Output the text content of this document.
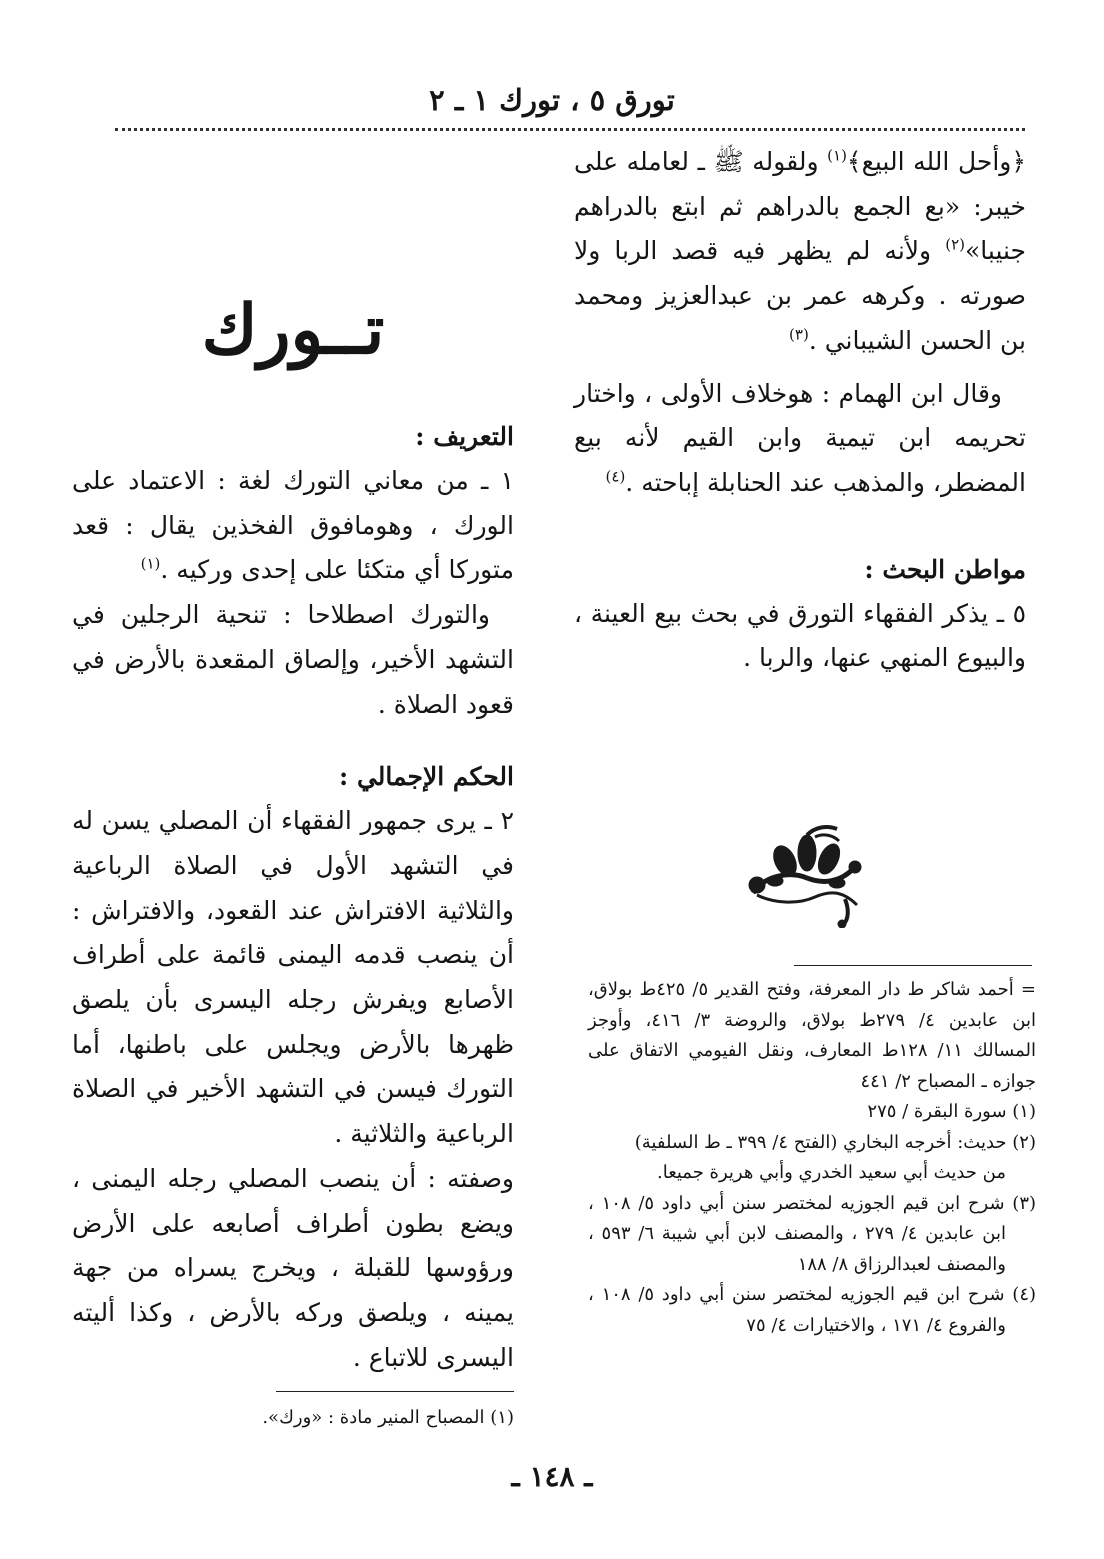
تورق ٥ ، تورك ١ ـ ٢

﴿وأحل الله البيع﴾$^{(١)}$ ولقوله ﷺ ـ لعامله على خيبر: «بع الجمع بالدراهم ثم ابتع بالدراهم جنيبا»$^{(٢)}$ ولأنه لم يظهر فيه قصد الربا ولا صورته . وكرهه عمر بن عبدالعزيز ومحمد بن الحسن الشيباني .$^{(٣)}$

وقال ابن الهمام : هوخلاف الأولى ، واختار تحريمه ابن تيمية وابن القيم لأنه بيع المضطر، والمذهب عند الحنابلة إباحته .$^{(٤)}$

مواطن البحث :

٥ ـ يذكر الفقهاء التورق في بحث بيع العينة ، والبيوع المنهي عنها، والربا .

= أحمد شاكر ط دار المعرفة، وفتح القدير ٥/ ٤٢٥ط بولاق، ابن عابدين ٤/ ٢٧٩ط بولاق، والروضة ٣/ ٤١٦، وأوجز المسالك ١١/ ١٢٨ط المعارف، ونقل الفيومي الاتفاق على جوازه ـ المصباح ٢/ ٤٤١

(١) سورة البقرة / ٢٧٥

(٢) حديث: أخرجه البخاري (الفتح ٤/ ٣٩٩ ـ ط السلفية)

من حديث أبي سعيد الخدري وأبي هريرة جميعا.

(٣) شرح ابن قيم الجوزيه لمختصر سنن أبي داود ٥/ ١٠٨ ، ابن عابدين ٤/ ٢٧٩ ، والمصنف لابن أبي شيبة ٦/ ٥٩٣ ، والمصنف لعبدالرزاق ٨/ ١٨٨

(٤) شرح ابن قيم الجوزيه لمختصر سنن أبي داود ٥/ ١٠٨ ، والفروع ٤/ ١٧١ ، والاختيارات ٤/ ٧٥

تــورك

التعريف :

١ ـ من معاني التورك لغة : الاعتماد على الورك ، وهومافوق الفخذين يقال : قعد متوركا أي متكئا على إحدى وركيه .$^{(١)}$

والتورك اصطلاحا : تنحية الرجلين في التشهد الأخير، وإلصاق المقعدة بالأرض في قعود الصلاة .

الحكم الإجمالي :

٢ ـ يرى جمهور الفقهاء أن المصلي يسن له في التشهد الأول في الصلاة الرباعية والثلاثية الافتراش عند القعود، والافتراش : أن ينصب قدمه اليمنى قائمة على أطراف الأصابع ويفرش رجله اليسرى بأن يلصق ظهرها بالأرض ويجلس على باطنها، أما التورك فيسن في التشهد الأخير في الصلاة الرباعية والثلاثية .

وصفته : أن ينصب المصلي رجله اليمنى ، ويضع بطون أطراف أصابعه على الأرض ورؤوسها للقبلة ، ويخرج يسراه من جهة يمينه ، ويلصق وركه بالأرض ، وكذا أليته اليسرى للاتباع .

(١) المصباح المنير مادة : «ورك».
ـ ١٤٨ ـ
